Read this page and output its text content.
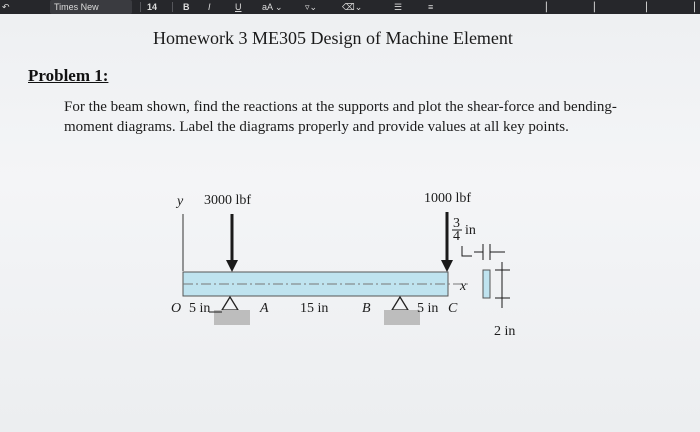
↶	Times New	14	B I	U aA ⌄ ▿⌄	⌫⌄	☰	≡	▏	▏	▕	▕
Homework 3 ME305 Design of Machine Element
Problem 1:
For the beam shown, find the reactions at the supports and plot the shear-force and bending-moment diagrams. Label the diagrams properly and provide values at all key points.
y 3000 lbf	1000 lbf
x
3
4 in
2 in
O 5 in	A 15 in B	5 in C
